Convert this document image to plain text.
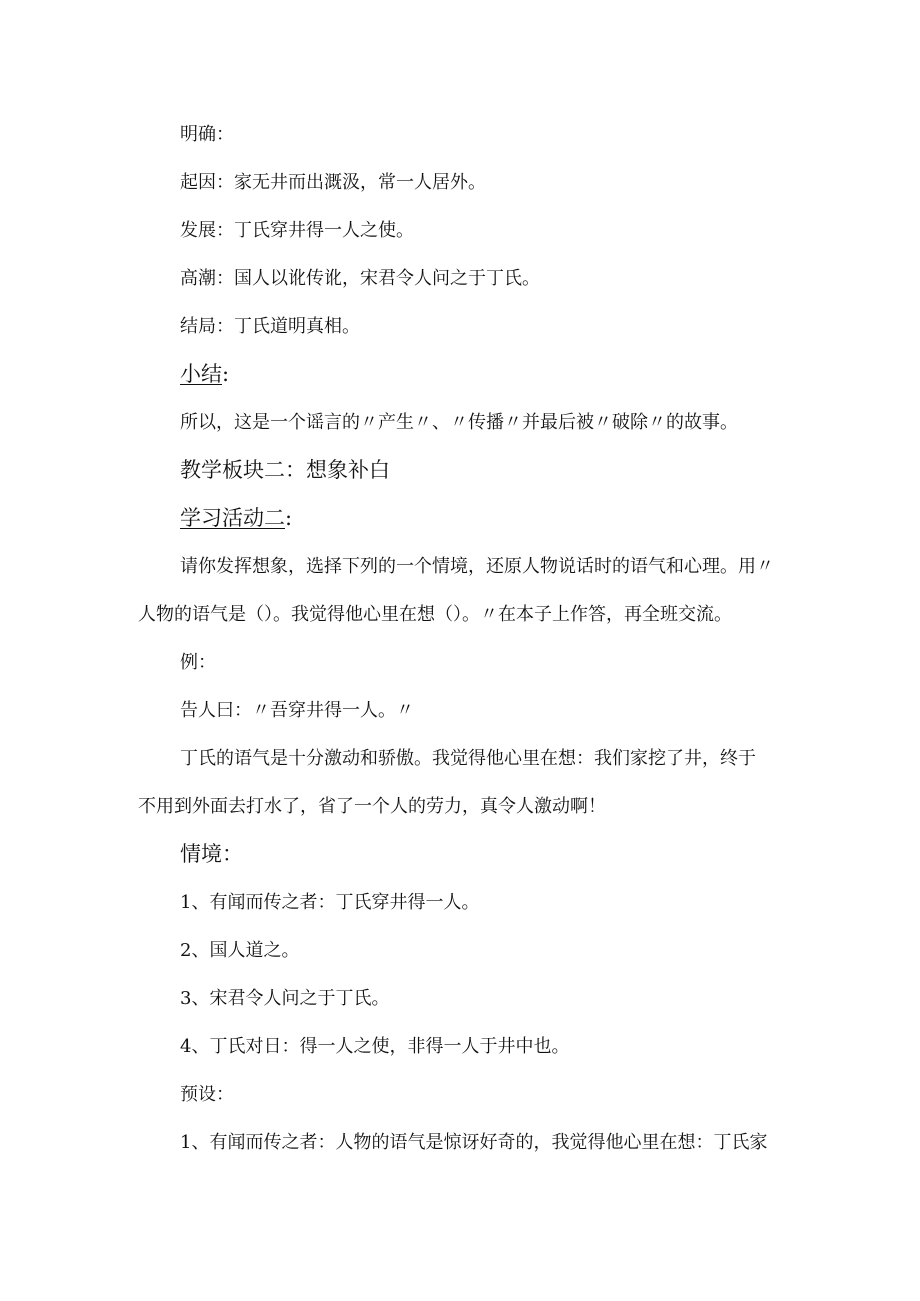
明确：
起因：家无井而出溉汲，常一人居外。
发展：丁氏穿井得一人之使。
高潮：国人以讹传讹，宋君令人问之于丁氏。
结局：丁氏道明真相。
小结:
所以，这是一个谣言的〃产生〃、〃传播〃并最后被〃破除〃的故事。
教学板块二：想象补白
学习活动二:
请你发挥想象，选择下列的一个情境，还原人物说话时的语气和心理。用〃
人物的语气是（）。我觉得他心里在想（）。〃在本子上作答，再全班交流。
例：
告人曰：〃吾穿井得一人。〃
丁氏的语气是十分激动和骄傲。我觉得他心里在想：我们家挖了井，终于
不用到外面去打水了，省了一个人的劳力，真令人激动啊！
情境：
1、有闻而传之者：丁氏穿井得一人。
2、国人道之。
3、宋君令人问之于丁氏。
4、丁氏对日：得一人之使，非得一人于井中也。
预设：
1、有闻而传之者：人物的语气是惊讶好奇的，我觉得他心里在想：丁氏家
